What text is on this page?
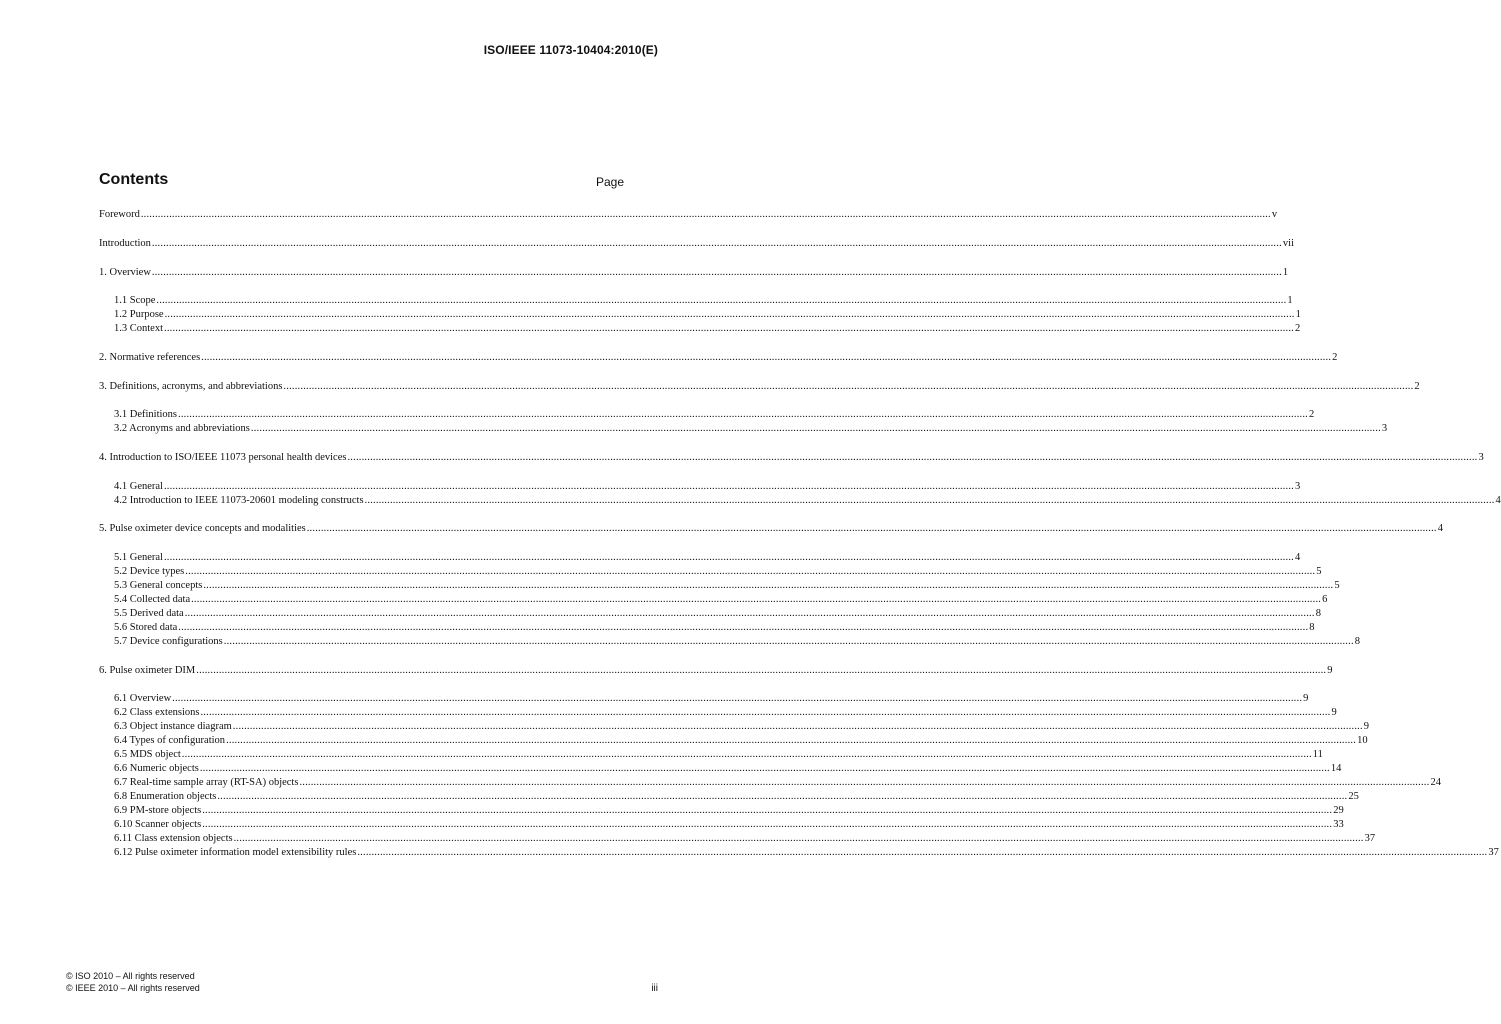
ISO/IEEE 11073-10404:2010(E)
Contents	Page
Foreword ................................................................................................................................................................................................................................................................................................................................................................................................................ v
Introduction ................................................................................................................................................................................................................................................................................................................................................................................................................ vii
1. Overview ................................................................................................................................................................................................................................................................................................................................................................................................................ 1
1.1 Scope ................................................................................................................................................................................................................................................................................................................................................................................................................ 1
1.2 Purpose ................................................................................................................................................................................................................................................................................................................................................................................................................ 1
1.3 Context ................................................................................................................................................................................................................................................................................................................................................................................................................ 2
2. Normative references ................................................................................................................................................................................................................................................................................................................................................................................................................ 2
3. Definitions, acronyms, and abbreviations ................................................................................................................................................................................................................................................................................................................................................................................................................ 2
3.1 Definitions ................................................................................................................................................................................................................................................................................................................................................................................................................ 2
3.2 Acronyms and abbreviations ................................................................................................................................................................................................................................................................................................................................................................................................................ 3
4. Introduction to ISO/IEEE 11073 personal health devices ................................................................................................................................................................................................................................................................................................................................................................................................................ 3
4.1 General ................................................................................................................................................................................................................................................................................................................................................................................................................ 3
4.2 Introduction to IEEE 11073-20601 modeling constructs ................................................................................................................................................................................................................................................................................................................................................................................................................ 4
5. Pulse oximeter device concepts and modalities ................................................................................................................................................................................................................................................................................................................................................................................................................ 4
5.1 General ................................................................................................................................................................................................................................................................................................................................................................................................................ 4
5.2 Device types ................................................................................................................................................................................................................................................................................................................................................................................................................ 5
5.3 General concepts ................................................................................................................................................................................................................................................................................................................................................................................................................ 5
5.4 Collected data ................................................................................................................................................................................................................................................................................................................................................................................................................ 6
5.5 Derived data ................................................................................................................................................................................................................................................................................................................................................................................................................ 8
5.6 Stored data ................................................................................................................................................................................................................................................................................................................................................................................................................ 8
5.7 Device configurations ................................................................................................................................................................................................................................................................................................................................................................................................................ 8
6. Pulse oximeter DIM ................................................................................................................................................................................................................................................................................................................................................................................................................ 9
6.1 Overview ................................................................................................................................................................................................................................................................................................................................................................................................................ 9
6.2 Class extensions ................................................................................................................................................................................................................................................................................................................................................................................................................ 9
6.3 Object instance diagram ................................................................................................................................................................................................................................................................................................................................................................................................................ 9
6.4 Types of configuration ................................................................................................................................................................................................................................................................................................................................................................................................................ 10
6.5 MDS object ................................................................................................................................................................................................................................................................................................................................................................................................................ 11
6.6 Numeric objects ................................................................................................................................................................................................................................................................................................................................................................................................................ 14
6.7 Real-time sample array (RT-SA) objects ................................................................................................................................................................................................................................................................................................................................................................................................................ 24
6.8 Enumeration objects ................................................................................................................................................................................................................................................................................................................................................................................................................ 25
6.9 PM-store objects ................................................................................................................................................................................................................................................................................................................................................................................................................ 29
6.10 Scanner objects ................................................................................................................................................................................................................................................................................................................................................................................................................ 33
6.11 Class extension objects ................................................................................................................................................................................................................................................................................................................................................................................................................ 37
6.12 Pulse oximeter information model extensibility rules ................................................................................................................................................................................................................................................................................................................................................................................................................ 37
© ISO 2010 – All rights reserved
© IEEE 2010 – All rights reserved	iii
